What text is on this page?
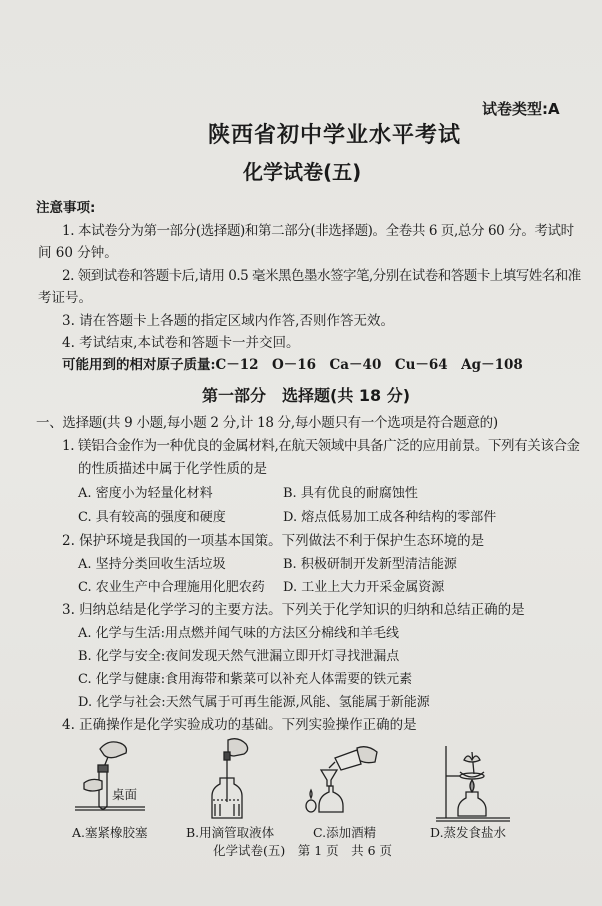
试卷类型:A
陕西省初中学业水平考试
化学试卷(五)
注意事项:
1. 本试卷分为第一部分(选择题)和第二部分(非选择题)。全卷共 6 页,总分 60 分。考试时
间 60 分钟。
2. 领到试卷和答题卡后,请用 0.5 毫米黑色墨水签字笔,分别在试卷和答题卡上填写姓名和准
考证号。
3. 请在答题卡上各题的指定区域内作答,否则作答无效。
4. 考试结束,本试卷和答题卡一并交回。
可能用到的相对原子质量:C－12　O－16　Ca－40　Cu－64　Ag－108
第一部分　选择题(共 18 分)
一、选择题(共 9 小题,每小题 2 分,计 18 分,每小题只有一个选项是符合题意的)
1. 镁铝合金作为一种优良的金属材料,在航天领域中具备广泛的应用前景。下列有关该合金
的性质描述中属于化学性质的是
A. 密度小为轻量化材料	B. 具有优良的耐腐蚀性
C. 具有较高的强度和硬度	D. 熔点低易加工成各种结构的零部件
2. 保护环境是我国的一项基本国策。下列做法不利于保护生态环境的是
A. 坚持分类回收生活垃圾	B. 积极研制开发新型清洁能源
C. 农业生产中合理施用化肥农药 D. 工业上大力开采金属资源
3. 归纳总结是化学学习的主要方法。下列关于化学知识的归纳和总结正确的是
A. 化学与生活:用点燃并闻气味的方法区分棉线和羊毛线
B. 化学与安全:夜间发现天然气泄漏立即开灯寻找泄漏点
C. 化学与健康:食用海带和紫菜可以补充人体需要的铁元素
D. 化学与社会:天然气属于可再生能源,风能、氢能属于新能源
4. 正确操作是化学实验成功的基础。下列实验操作正确的是
桌面
A.塞紧橡胶塞	B.用滴管取液体	C.添加酒精	D.蒸发食盐水
化学试卷(五)　第 1 页　共 6 页
